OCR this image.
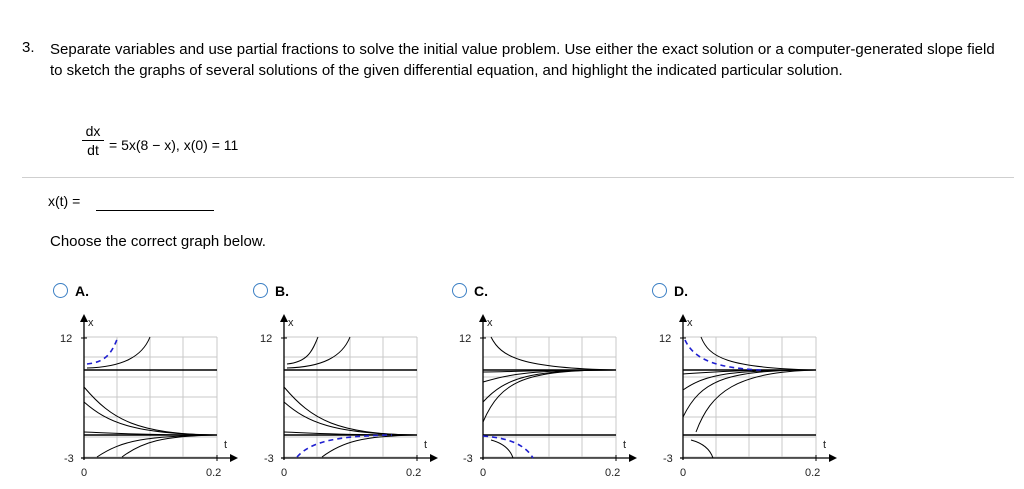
3. Separate variables and use partial fractions to solve the initial value problem. Use either the exact solution or a computer-generated slope field to sketch the graphs of several solutions of the given differential equation, and highlight the indicated particular solution.
dx
dt = 5x(8 − x), x(0) = 11
x(t) =
Choose the correct graph below.
A.	B.	C.	D.
x
12
-3
0	0.2
t
x
12
-3
0	0.2
t
x
12
-3
0	0.2
t
x
12
-3
0	0.2
t
